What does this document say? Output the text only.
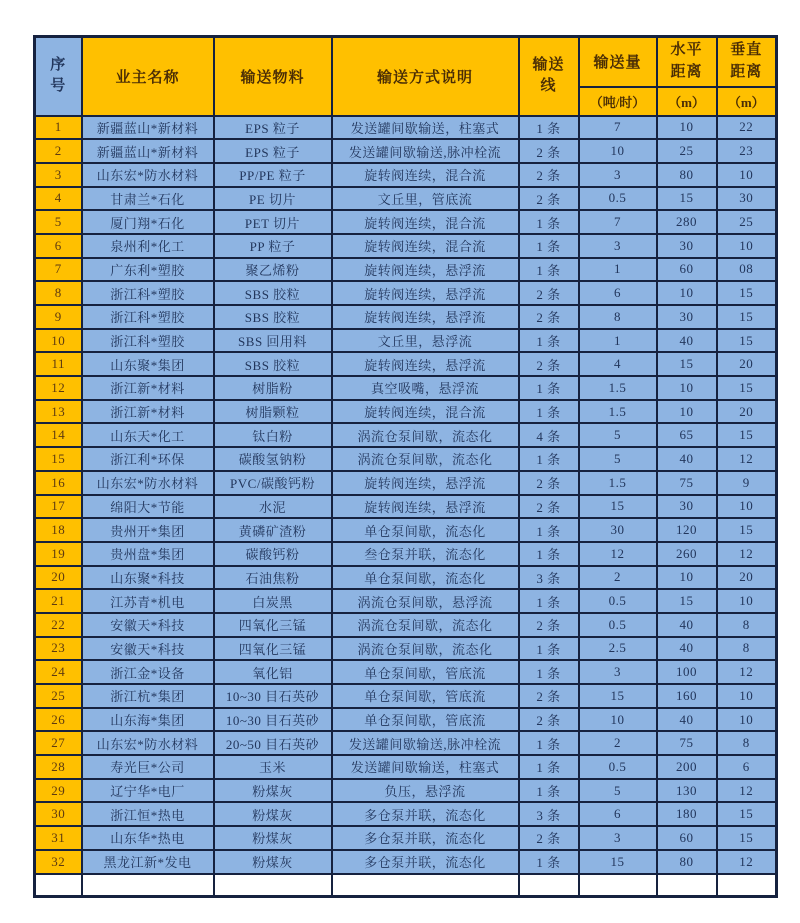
序号	业主名称	输送物料	输送方式说明	输送线	输送量	水平距离	垂直距离
					（吨/时）	（m）	（m）
1	新疆蓝山*新材料	EPS 粒子	发送罐间歇输送，柱塞式	1 条	7	10	22
2	新疆蓝山*新材料	EPS 粒子	发送罐间歇输送,脉冲栓流	2 条	10	25	23
3	山东宏*防水材料	PP/PE 粒子	旋转阀连续，混合流	2 条	3	80	10
4	甘肃兰*石化	PE 切片	文丘里，管底流	2 条	0.5	15	30
5	厦门翔*石化	PET 切片	旋转阀连续，混合流	1 条	7	280	25
6	泉州利*化工	PP 粒子	旋转阀连续，混合流	1 条	3	30	10
7	广东利*塑胶	聚乙烯粉	旋转阀连续，悬浮流	1 条	1	60	08
8	浙江科*塑胶	SBS 胶粒	旋转阀连续，悬浮流	2 条	6	10	15
9	浙江科*塑胶	SBS 胶粒	旋转阀连续，悬浮流	2 条	8	30	15
10	浙江科*塑胶	SBS 回用料	文丘里，悬浮流	1 条	1	40	15
11	山东聚*集团	SBS 胶粒	旋转阀连续，悬浮流	2 条	4	15	20
12	浙江新*材料	树脂粉	真空吸嘴，悬浮流	1 条	1.5	10	15
13	浙江新*材料	树脂颗粒	旋转阀连续，混合流	1 条	1.5	10	20
14	山东天*化工	钛白粉	涡流仓泵间歇，流态化	4 条	5	65	15
15	浙江利*环保	碳酸氢钠粉	涡流仓泵间歇，流态化	1 条	5	40	12
16	山东宏*防水材料	PVC/碳酸钙粉	旋转阀连续，悬浮流	2 条	1.5	75	9
17	绵阳大*节能	水泥	旋转阀连续，悬浮流	2 条	15	30	10
18	贵州开*集团	黄磷矿渣粉	单仓泵间歇，流态化	1 条	30	120	15
19	贵州盘*集团	碳酸钙粉	叁仓泵并联，流态化	1 条	12	260	12
20	山东聚*科技	石油焦粉	单仓泵间歇，流态化	3 条	2	10	20
21	江苏青*机电	白炭黑	涡流仓泵间歇，悬浮流	1 条	0.5	15	10
22	安徽天*科技	四氧化三锰	涡流仓泵间歇，流态化	2 条	0.5	40	8
23	安徽天*科技	四氧化三锰	涡流仓泵间歇，流态化	1 条	2.5	40	8
24	浙江金*设备	氧化铝	单仓泵间歇，管底流	1 条	3	100	12
25	浙江杭*集团	10~30 目石英砂	单仓泵间歇，管底流	2 条	15	160	10
26	山东海*集团	10~30 目石英砂	单仓泵间歇，管底流	2 条	10	40	10
27	山东宏*防水材料	20~50 目石英砂	发送罐间歇输送,脉冲栓流	1 条	2	75	8
28	寿光巨*公司	玉米	发送罐间歇输送，柱塞式	1 条	0.5	200	6
29	辽宁华*电厂	粉煤灰	负压，悬浮流	1 条	5	130	12
30	浙江恒*热电	粉煤灰	多仓泵并联，流态化	3 条	6	180	15
31	山东华*热电	粉煤灰	多仓泵并联，流态化	2 条	3	60	15
32	黑龙江新*发电	粉煤灰	多仓泵并联，流态化	1 条	15	80	12
